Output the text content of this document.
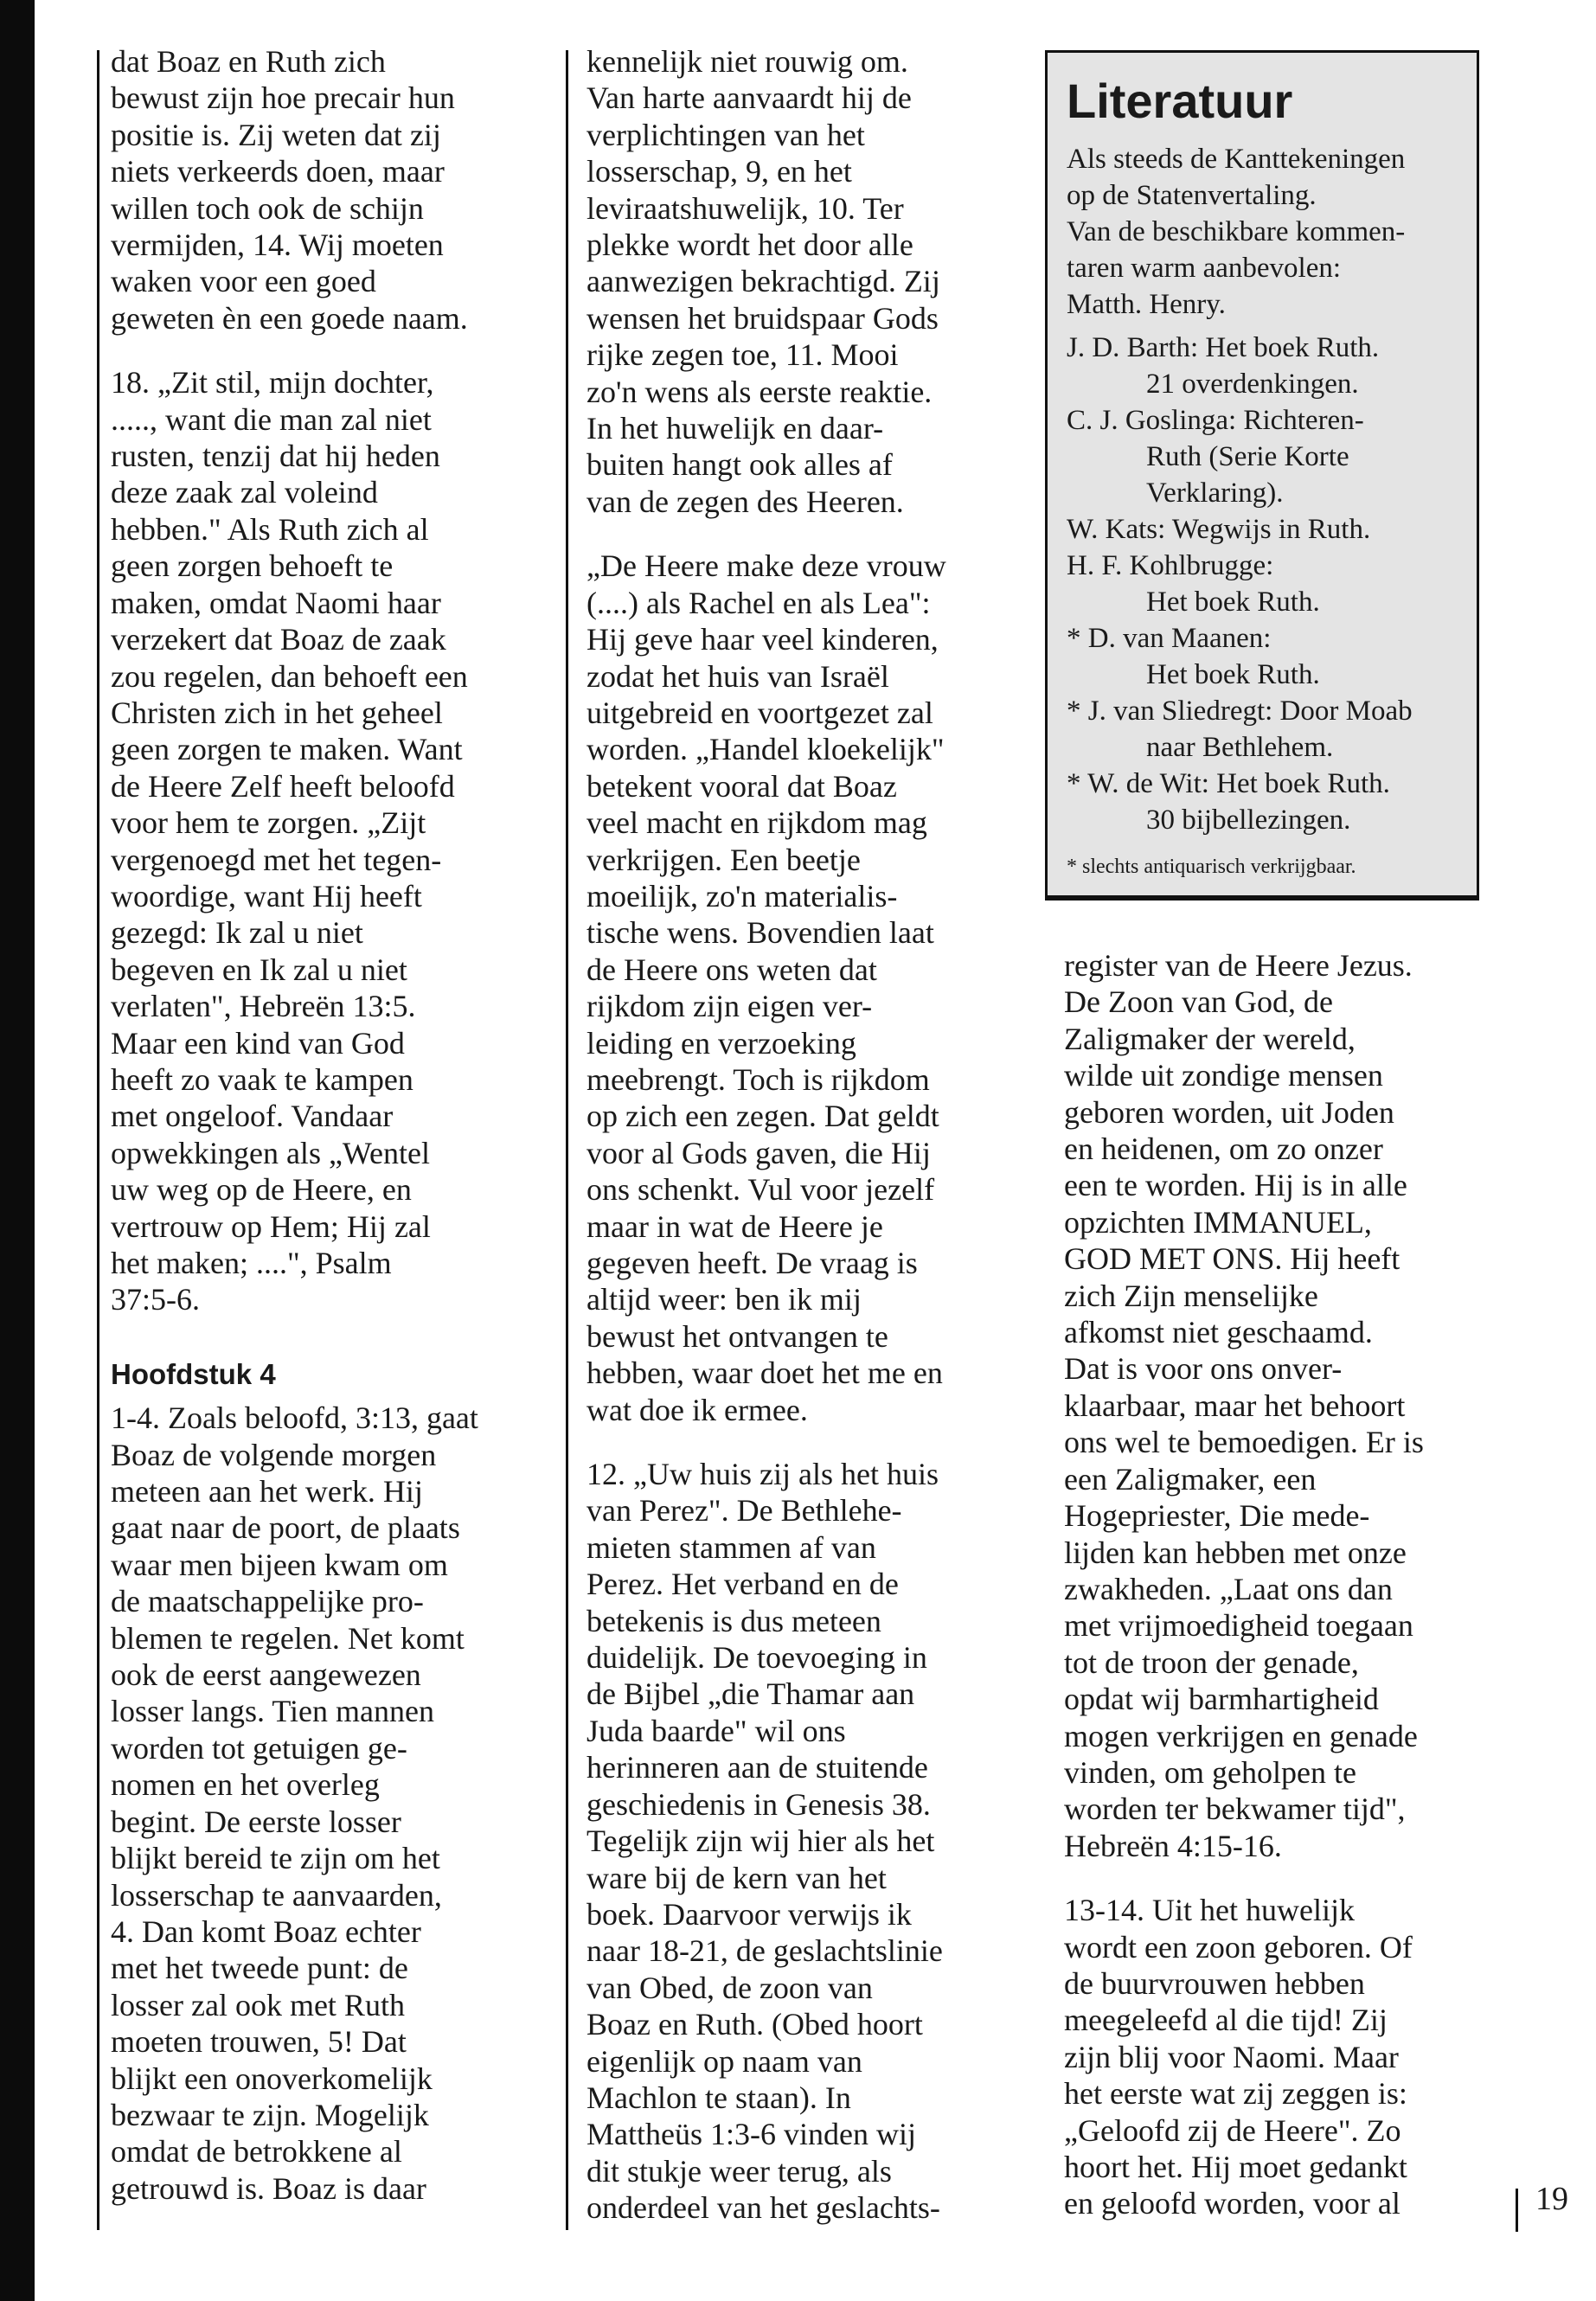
dat Boaz en Ruth zich
bewust zijn hoe precair hun
positie is. Zij weten dat zij
niets verkeerds doen, maar
willen toch ook de schijn
vermijden, 14. Wij moeten
waken voor een goed
geweten èn een goede naam.

18. „Zit stil, mijn dochter,
....., want die man zal niet
rusten, tenzij dat hij heden
deze zaak zal voleind
hebben." Als Ruth zich al
geen zorgen behoeft te
maken, omdat Naomi haar
verzekert dat Boaz de zaak
zou regelen, dan behoeft een
Christen zich in het geheel
geen zorgen te maken. Want
de Heere Zelf heeft beloofd
voor hem te zorgen. „Zijt
vergenoegd met het tegen-
woordige, want Hij heeft
gezegd: Ik zal u niet
begeven en Ik zal u niet
verlaten", Hebreën 13:5.
Maar een kind van God
heeft zo vaak te kampen
met ongeloof. Vandaar
opwekkingen als „Wentel
uw weg op de Heere, en
vertrouw op Hem; Hij zal
het maken; ....", Psalm
37:5-6.

Hoofdstuk 4

1-4. Zoals beloofd, 3:13, gaat
Boaz de volgende morgen
meteen aan het werk. Hij
gaat naar de poort, de plaats
waar men bijeen kwam om
de maatschappelijke pro-
blemen te regelen. Net komt
ook de eerst aangewezen
losser langs. Tien mannen
worden tot getuigen ge-
nomen en het overleg
begint. De eerste losser
blijkt bereid te zijn om het
losserschap te aanvaarden,
4. Dan komt Boaz echter
met het tweede punt: de
losser zal ook met Ruth
moeten trouwen, 5! Dat
blijkt een onoverkomelijk
bezwaar te zijn. Mogelijk
omdat de betrokkene al
getrouwd is. Boaz is daar

kennelijk niet rouwig om.
Van harte aanvaardt hij de
verplichtingen van het
losserschap, 9, en het
leviraatshuwelijk, 10. Ter
plekke wordt het door alle
aanwezigen bekrachtigd. Zij
wensen het bruidspaar Gods
rijke zegen toe, 11. Mooi
zo'n wens als eerste reaktie.
In het huwelijk en daar-
buiten hangt ook alles af
van de zegen des Heeren.

„De Heere make deze vrouw
(....) als Rachel en als Lea":
Hij geve haar veel kinderen,
zodat het huis van Israël
uitgebreid en voortgezet zal
worden. „Handel kloekelijk"
betekent vooral dat Boaz
veel macht en rijkdom mag
verkrijgen. Een beetje
moeilijk, zo'n materialis-
tische wens. Bovendien laat
de Heere ons weten dat
rijkdom zijn eigen ver-
leiding en verzoeking
meebrengt. Toch is rijkdom
op zich een zegen. Dat geldt
voor al Gods gaven, die Hij
ons schenkt. Vul voor jezelf
maar in wat de Heere je
gegeven heeft. De vraag is
altijd weer: ben ik mij
bewust het ontvangen te
hebben, waar doet het me en
wat doe ik ermee.

12. „Uw huis zij als het huis
van Perez". De Bethlehe-
mieten stammen af van
Perez. Het verband en de
betekenis is dus meteen
duidelijk. De toevoeging in
de Bijbel „die Thamar aan
Juda baarde" wil ons
herinneren aan de stuitende
geschiedenis in Genesis 38.
Tegelijk zijn wij hier als het
ware bij de kern van het
boek. Daarvoor verwijs ik
naar 18-21, de geslachtslinie
van Obed, de zoon van
Boaz en Ruth. (Obed hoort
eigenlijk op naam van
Machlon te staan). In
Mattheüs 1:3-6 vinden wij
dit stukje weer terug, als
onderdeel van het geslachts-

Literatuur
Als steeds de Kanttekeningen
op de Statenvertaling.
Van de beschikbare kommen-
taren warm aanbevolen:
Matth. Henry.
J. D. Barth: Het boek Ruth.
21 overdenkingen.
C. J. Goslinga: Richteren-
Ruth (Serie Korte
Verklaring).
W. Kats: Wegwijs in Ruth.
H. F. Kohlbrugge:
Het boek Ruth.
* D. van Maanen:
Het boek Ruth.
* J. van Sliedregt: Door Moab
naar Bethlehem.
* W. de Wit: Het boek Ruth.
30 bijbellezingen.
* slechts antiquarisch verkrijgbaar.

register van de Heere Jezus.
De Zoon van God, de
Zaligmaker der wereld,
wilde uit zondige mensen
geboren worden, uit Joden
en heidenen, om zo onzer
een te worden. Hij is in alle
opzichten IMMANUEL,
GOD MET ONS. Hij heeft
zich Zijn menselijke
afkomst niet geschaamd.
Dat is voor ons onver-
klaarbaar, maar het behoort
ons wel te bemoedigen. Er is
een Zaligmaker, een
Hogepriester, Die mede-
lijden kan hebben met onze
zwakheden. „Laat ons dan
met vrijmoedigheid toegaan
tot de troon der genade,
opdat wij barmhartigheid
mogen verkrijgen en genade
vinden, om geholpen te
worden ter bekwamer tijd",
Hebreën 4:15-16.

13-14. Uit het huwelijk
wordt een zoon geboren. Of
de buurvrouwen hebben
meegeleefd al die tijd! Zij
zijn blij voor Naomi. Maar
het eerste wat zij zeggen is:
„Geloofd zij de Heere". Zo
hoort het. Hij moet gedankt
en geloofd worden, voor al	19
